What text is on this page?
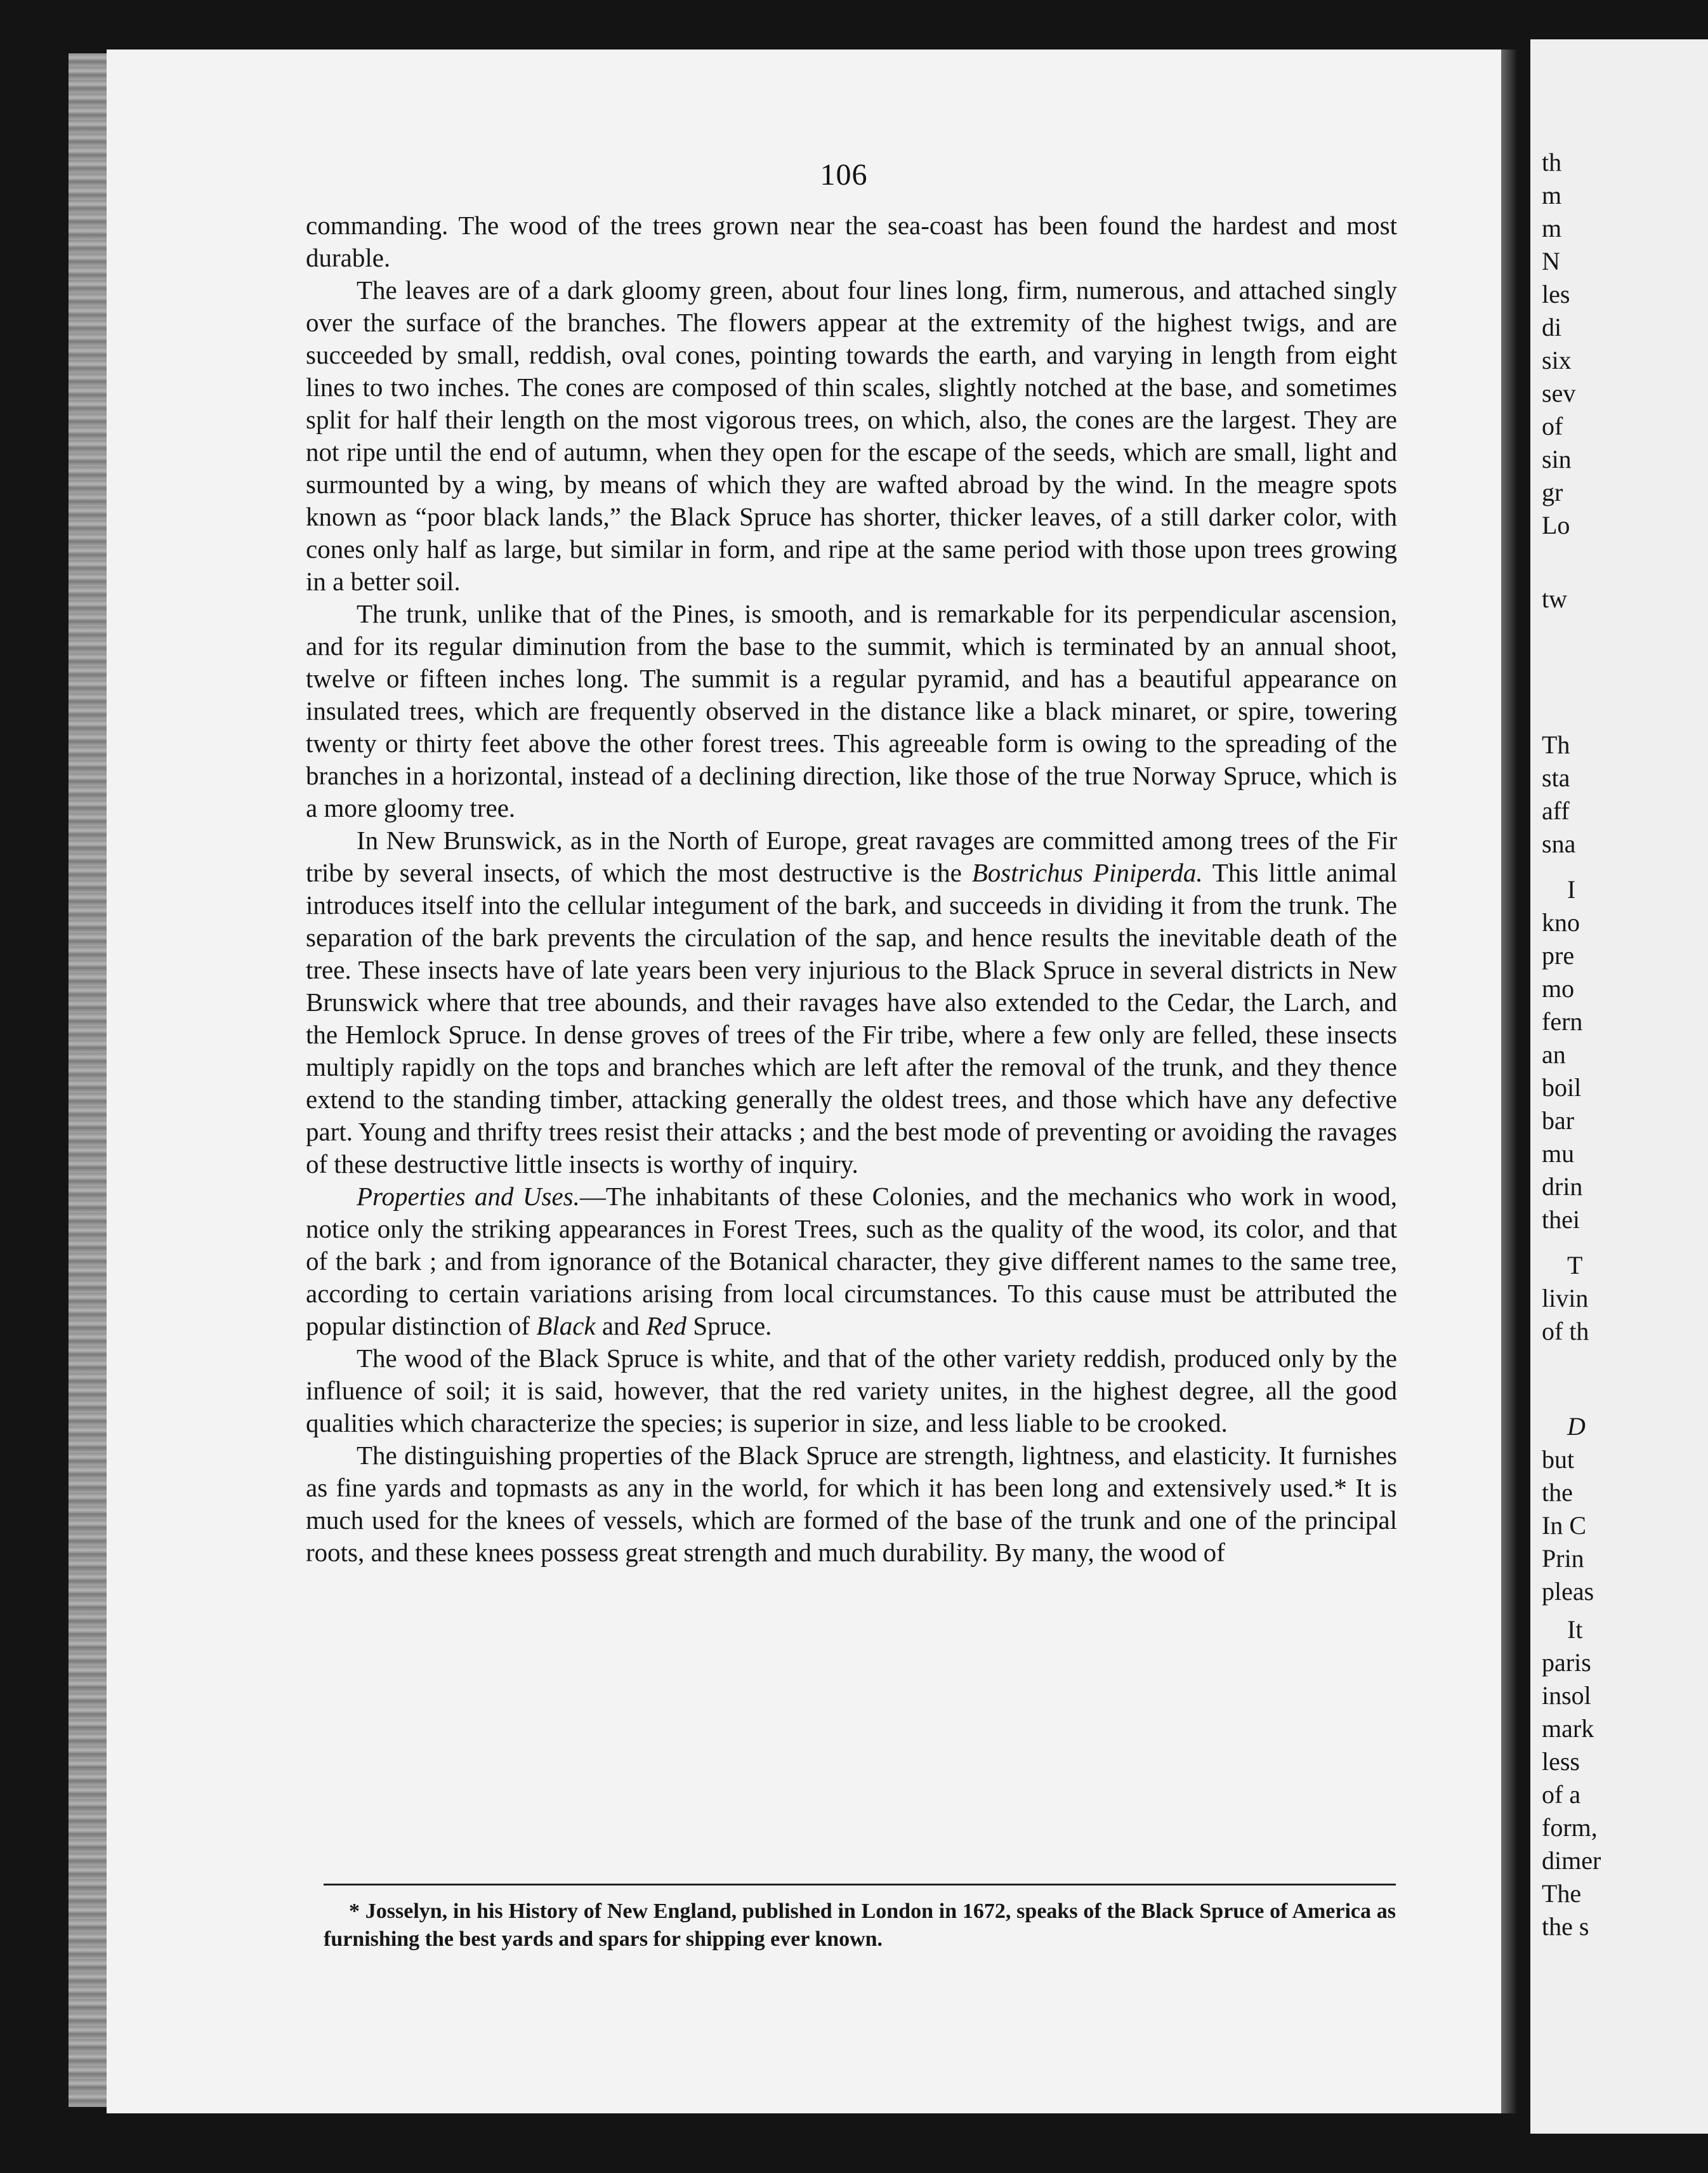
th
m
m
N
les
di
six
sev
of
sin
gr
Lo
tw
Th
sta
aff
sna
I
kno
pre
mo
fern
an
boil
bar
mu
drin
thei
T
livin
of th
D
but
the
In C
Prin
pleas
It
paris
insol
mark
less
of a
form,
dimer
The
the s
106

commanding. The wood of the trees grown near the sea-coast has been found the hardest and most durable.

The leaves are of a dark gloomy green, about four lines long, firm, numerous, and attached singly over the surface of the branches. The flowers appear at the extremity of the highest twigs, and are succeeded by small, reddish, oval cones, pointing towards the earth, and varying in length from eight lines to two inches. The cones are composed of thin scales, slightly notched at the base, and sometimes split for half their length on the most vigorous trees, on which, also, the cones are the largest. They are not ripe until the end of autumn, when they open for the escape of the seeds, which are small, light and surmounted by a wing, by means of which they are wafted abroad by the wind. In the meagre spots known as “poor black lands,” the Black Spruce has shorter, thicker leaves, of a still darker color, with cones only half as large, but similar in form, and ripe at the same period with those upon trees growing in a better soil.

The trunk, unlike that of the Pines, is smooth, and is remarkable for its perpendicular ascension, and for its regular diminution from the base to the summit, which is terminated by an annual shoot, twelve or fifteen inches long. The summit is a regular pyramid, and has a beautiful appearance on insulated trees, which are frequently observed in the distance like a black minaret, or spire, towering twenty or thirty feet above the other forest trees. This agreeable form is owing to the spreading of the branches in a horizontal, instead of a declining direction, like those of the true Norway Spruce, which is a more gloomy tree.

In New Brunswick, as in the North of Europe, great ravages are committed among trees of the Fir tribe by several insects, of which the most destructive is the Bostrichus Piniperda. This little animal introduces itself into the cellular integument of the bark, and succeeds in dividing it from the trunk. The separation of the bark prevents the circulation of the sap, and hence results the inevitable death of the tree. These insects have of late years been very injurious to the Black Spruce in several districts in New Brunswick where that tree abounds, and their ravages have also extended to the Cedar, the Larch, and the Hemlock Spruce. In dense groves of trees of the Fir tribe, where a few only are felled, these insects multiply rapidly on the tops and branches which are left after the removal of the trunk, and they thence extend to the standing timber, attacking generally the oldest trees, and those which have any defective part. Young and thrifty trees resist their attacks ; and the best mode of preventing or avoiding the ravages of these destructive little insects is worthy of inquiry.

Properties and Uses.—The inhabitants of these Colonies, and the mechanics who work in wood, notice only the striking appearances in Forest Trees, such as the quality of the wood, its color, and that of the bark ; and from ignorance of the Botanical character, they give different names to the same tree, according to certain variations arising from local circumstances. To this cause must be attributed the popular distinction of Black and Red Spruce.

The wood of the Black Spruce is white, and that of the other variety reddish, produced only by the influence of soil; it is said, however, that the red variety unites, in the highest degree, all the good qualities which characterize the species; is superior in size, and less liable to be crooked.

The distinguishing properties of the Black Spruce are strength, lightness, and elasticity. It furnishes as fine yards and topmasts as any in the world, for which it has been long and extensively used.* It is much used for the knees of vessels, which are formed of the base of the trunk and one of the principal roots, and these knees possess great strength and much durability. By many, the wood of

* Josselyn, in his History of New England, published in London in 1672, speaks of the Black Spruce of America as furnishing the best yards and spars for shipping ever known.
